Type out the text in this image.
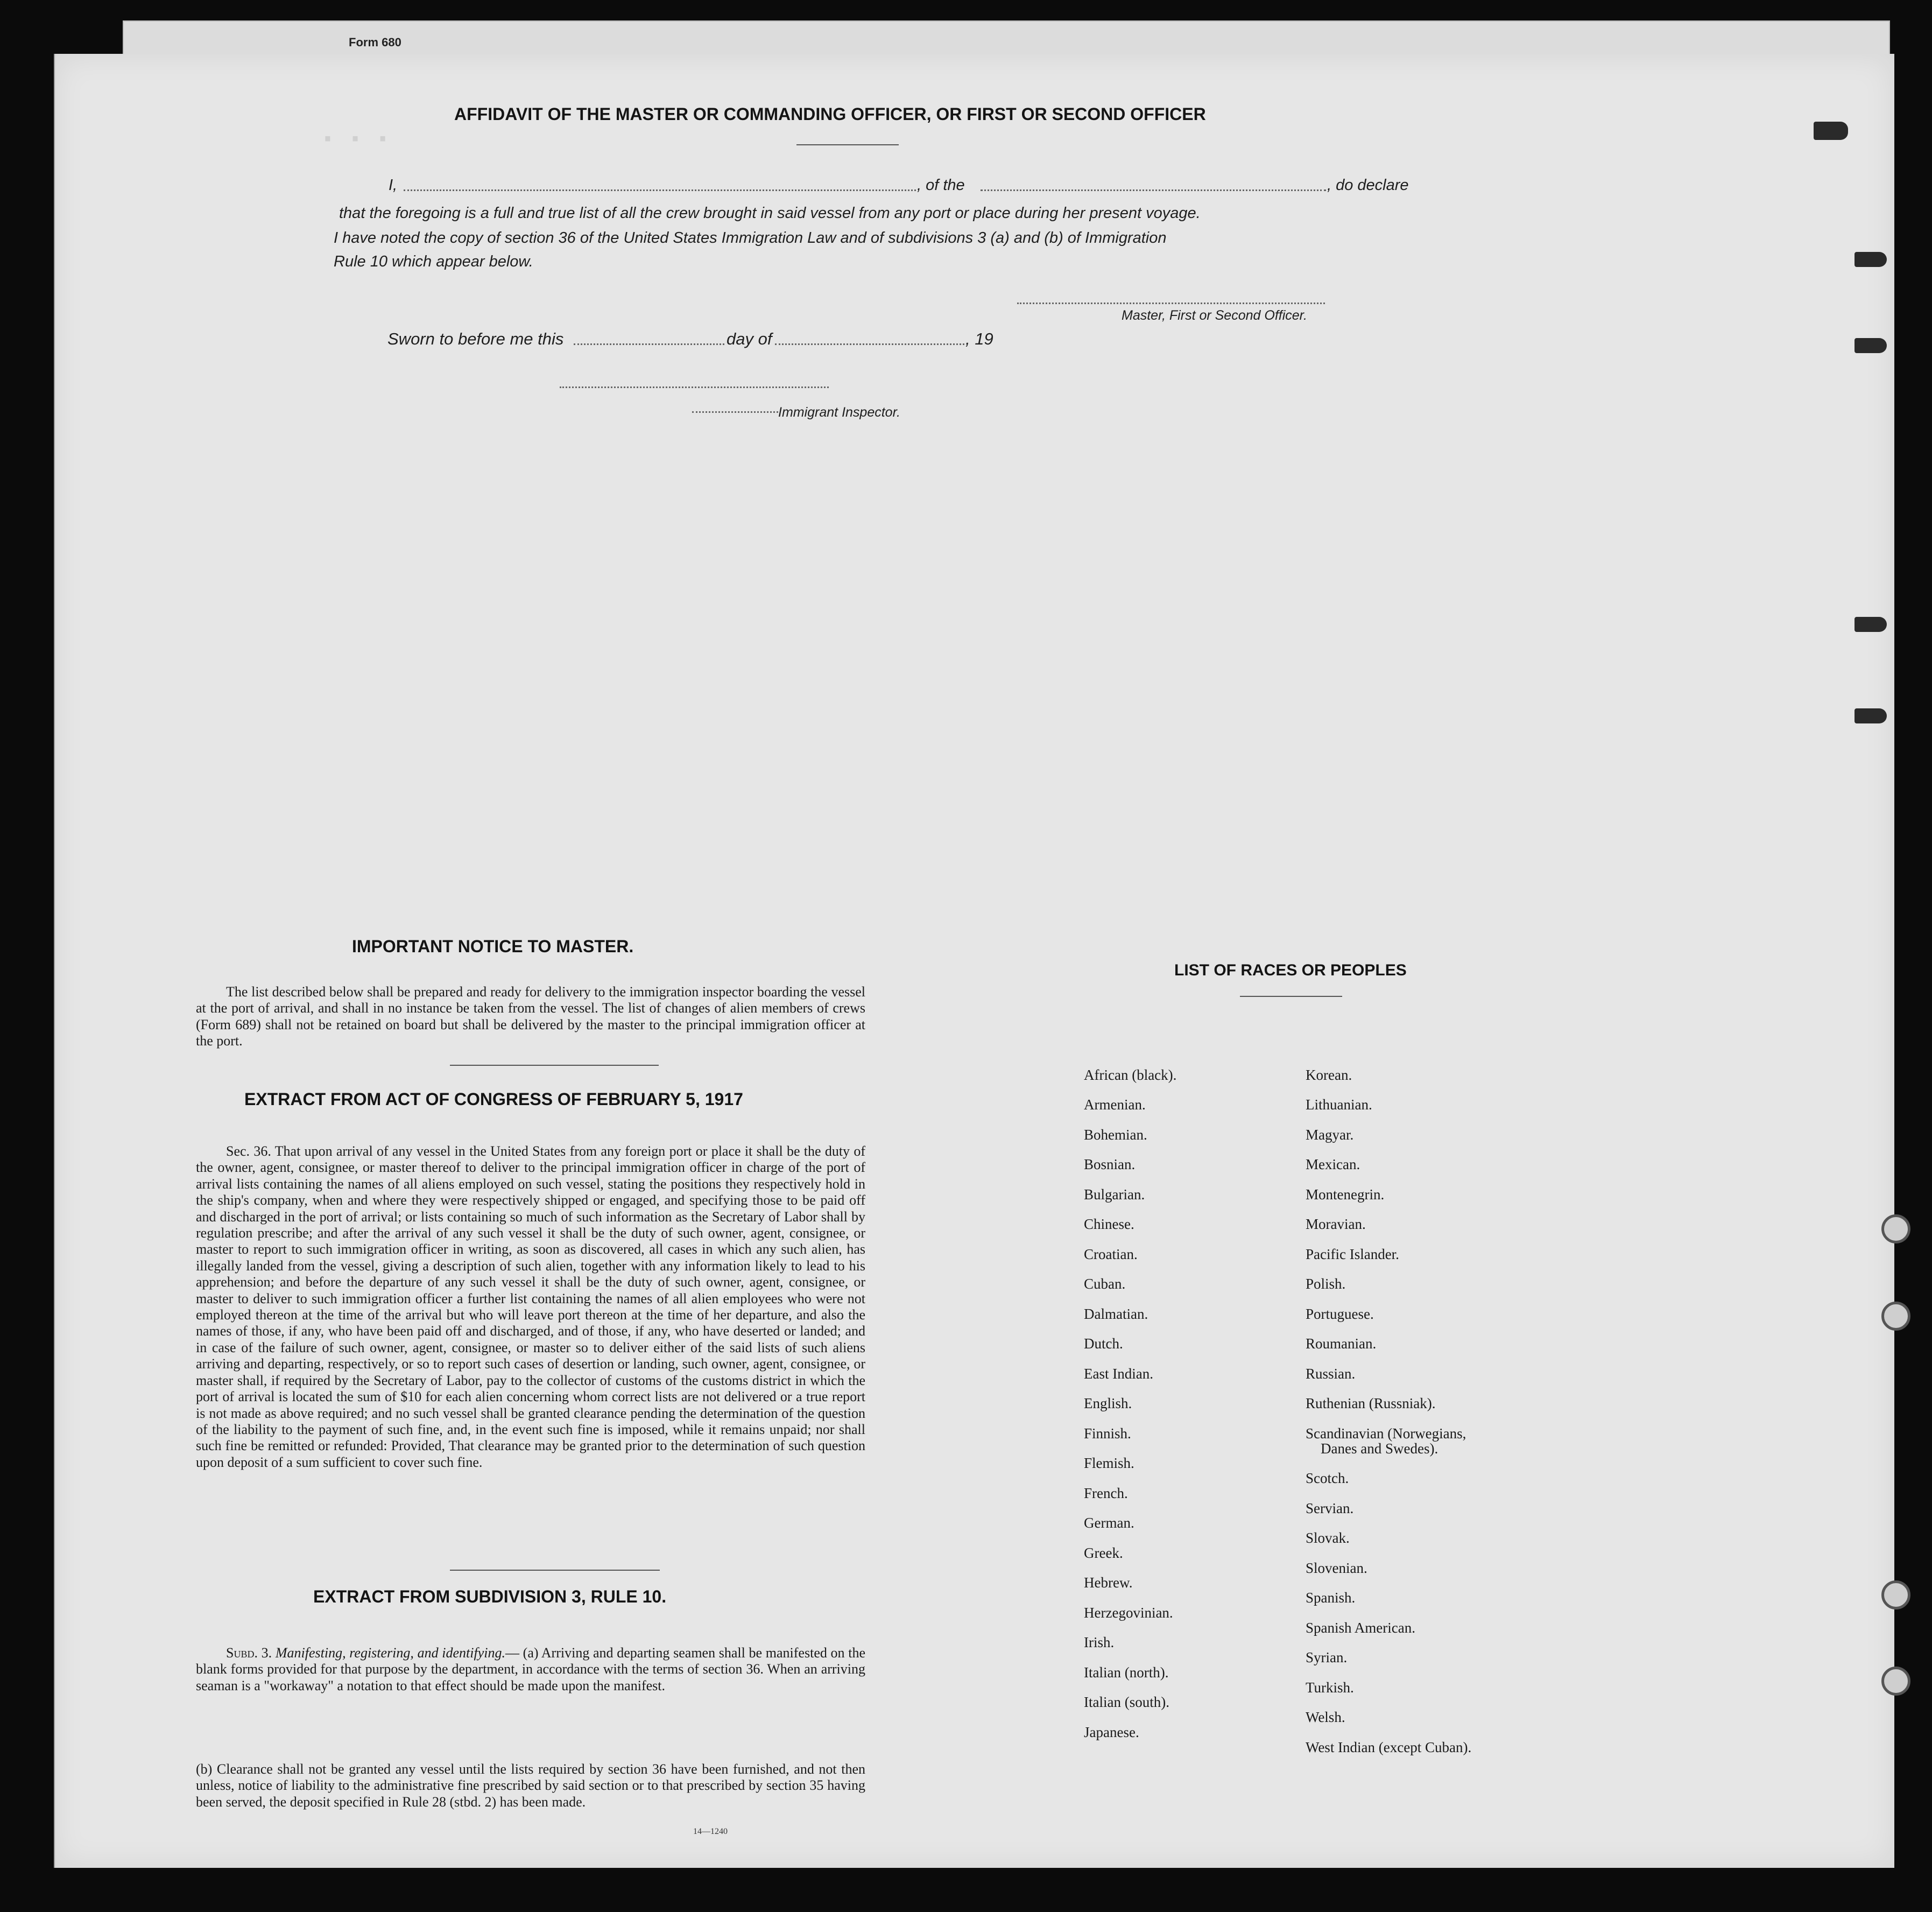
Form 680
· · ·
AFFIDAVIT OF THE MASTER OR COMMANDING OFFICER, OR FIRST OR SECOND OFFICER
I,	, of the	, do declare
that the foregoing is a full and true list of all the crew brought in said vessel from any port or place during her present voyage.
I have noted the copy of section 36 of the United States Immigration Law and of subdivisions 3 (a) and (b) of Immigration
Rule 10 which appear below.
Master, First or Second Officer.
Sworn to before me this	day of	, 19
Immigrant Inspector.
IMPORTANT NOTICE TO MASTER.
The list described below shall be prepared and ready for delivery to the immigration inspector boarding the vessel at the port of arrival, and shall in no instance be taken from the vessel. The list of changes of alien members of crews (Form 689) shall not be retained on board but shall be delivered by the master to the principal immigration officer at the port.
EXTRACT FROM ACT OF CONGRESS OF FEBRUARY 5, 1917
Sec. 36. That upon arrival of any vessel in the United States from any foreign port or place it shall be the duty of the owner, agent, consignee, or master thereof to deliver to the principal immigration officer in charge of the port of arrival lists containing the names of all aliens employed on such vessel, stating the positions they respectively hold in the ship's company, when and where they were respectively shipped or engaged, and specifying those to be paid off and discharged in the port of arrival; or lists containing so much of such information as the Secretary of Labor shall by regulation prescribe; and after the arrival of any such vessel it shall be the duty of such owner, agent, consignee, or master to report to such immigration officer in writing, as soon as discovered, all cases in which any such alien, has illegally landed from the vessel, giving a description of such alien, together with any information likely to lead to his apprehension; and before the departure of any such vessel it shall be the duty of such owner, agent, consignee, or master to deliver to such immigration officer a further list containing the names of all alien employees who were not employed thereon at the time of the arrival but who will leave port thereon at the time of her departure, and also the names of those, if any, who have been paid off and discharged, and of those, if any, who have deserted or landed; and in case of the failure of such owner, agent, consignee, or master so to deliver either of the said lists of such aliens arriving and departing, respectively, or so to report such cases of desertion or landing, such owner, agent, consignee, or master shall, if required by the Secretary of Labor, pay to the collector of customs of the customs district in which the port of arrival is located the sum of $10 for each alien concerning whom correct lists are not delivered or a true report is not made as above required; and no such vessel shall be granted clearance pending the determination of the question of the liability to the payment of such fine, and, in the event such fine is imposed, while it remains unpaid; nor shall such fine be remitted or refunded: Provided, That clearance may be granted prior to the determination of such question upon deposit of a sum sufficient to cover such fine.
EXTRACT FROM SUBDIVISION 3, RULE 10.
Subd. 3. Manifesting, registering, and identifying.— (a) Arriving and departing seamen shall be manifested on the blank forms provided for that purpose by the department, in accordance with the terms of section 36. When an arriving seaman is a "workaway" a notation to that effect should be made upon the manifest.
(b) Clearance shall not be granted any vessel until the lists required by section 36 have been furnished, and not then unless, notice of liability to the administrative fine prescribed by said section or to that prescribed by section 35 having been served, the deposit specified in Rule 28 (stbd. 2) has been made.
14—1240
LIST OF RACES OR PEOPLES
African (black).
Armenian.
Bohemian.
Bosnian.
Bulgarian.
Chinese.
Croatian.
Cuban.
Dalmatian.
Dutch.
East Indian.
English.
Finnish.
Flemish.
French.
German.
Greek.
Hebrew.
Herzegovinian.
Irish.
Italian (north).
Italian (south).
Japanese.
Korean.
Lithuanian.
Magyar.
Mexican.
Montenegrin.
Moravian.
Pacific Islander.
Polish.
Portuguese.
Roumanian.
Russian.
Ruthenian (Russniak).
Scandinavian (Norwegians,
Danes and Swedes).
Scotch.
Servian.
Slovak.
Slovenian.
Spanish.
Spanish American.
Syrian.
Turkish.
Welsh.
West Indian (except Cuban).
